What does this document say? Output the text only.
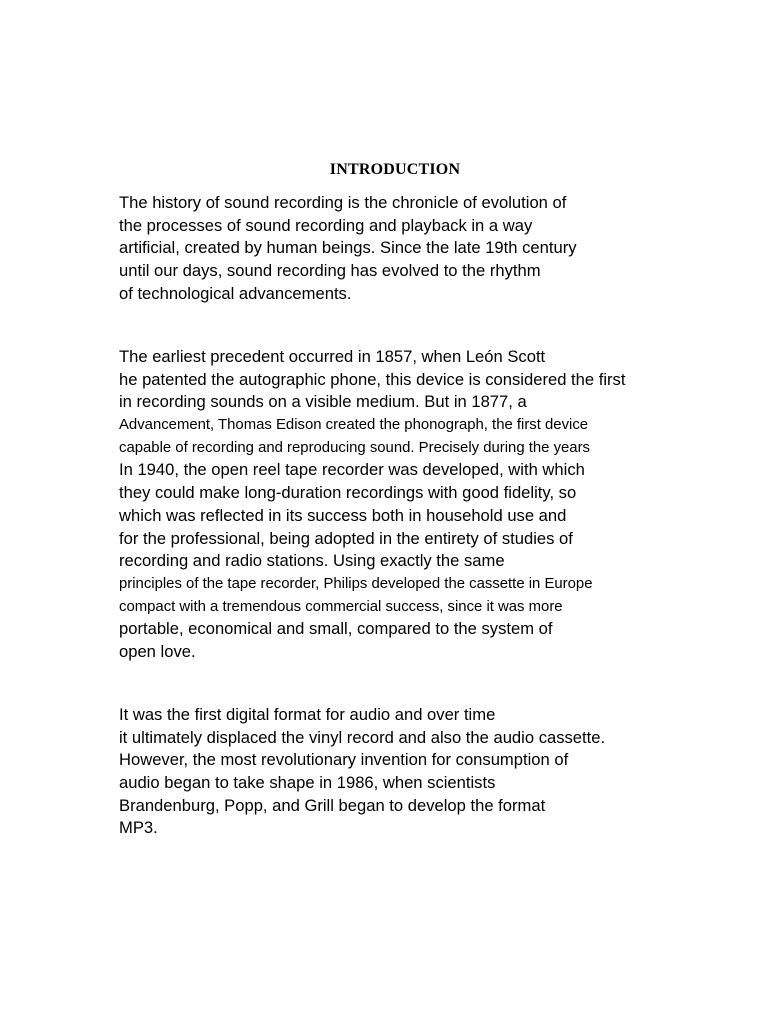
INTRODUCTION
The history of sound recording is the chronicle of evolution of
the processes of sound recording and playback in a way
artificial, created by human beings. Since the late 19th century
until our days, sound recording has evolved to the rhythm
of technological advancements.
The earliest precedent occurred in 1857, when León Scott
he patented the autographic phone, this device is considered the first
in recording sounds on a visible medium. But in 1877, a
Advancement, Thomas Edison created the phonograph, the first device
capable of recording and reproducing sound. Precisely during the years
In 1940, the open reel tape recorder was developed, with which
they could make long-duration recordings with good fidelity, so
which was reflected in its success both in household use and
for the professional, being adopted in the entirety of studies of
recording and radio stations. Using exactly the same
principles of the tape recorder, Philips developed the cassette in Europe
compact with a tremendous commercial success, since it was more
portable, economical and small, compared to the system of
open love.
It was the first digital format for audio and over time
it ultimately displaced the vinyl record and also the audio cassette.
However, the most revolutionary invention for consumption of
audio began to take shape in 1986, when scientists
Brandenburg, Popp, and Grill began to develop the format
MP3.
